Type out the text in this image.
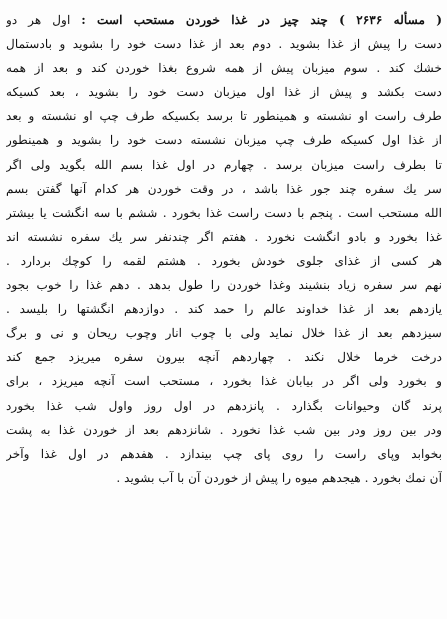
( مسأله ۲۶۳۶ ) چند چیز در غذا خوردن مستحب است : اول هر دو
دست را پیش از غذا بشوید . دوم بعد از غذا دست خود را بشوید و بادستمال
خشك كند . سوم ميزبان پيش از همه شروع بغذا خوردن كند و بعد از همه
دست بكشد و پیش از غذا اول میزبان دست خود را بشوید ، بعد کسیکه
طرف راست او نشسته و همینطور تا برسد بکسیکه طرف چپ او نشسته و بعد
از غذا اول کسیکه طرف چپ میزبان نشسته دست خود را بشوید و همینطور
تا بطرف راست میزبان برسد . چهارم در اول غذا بسم الله بگوید ولی اگر
سر یك سفره چند جور غذا باشد ، در وقت خوردن هر کدام آنها گفتن بسم
الله مستحب است . پنجم با دست راست غذا بخورد . ششم با سه انگشت یا بیشتر
غذا بخورد و بادو انگشت نخورد . هفتم اگر چندنفر سر یك سفره نشسته اند
هر کسی از غذای جلوی خودش بخورد . هشتم لقمه را کوچك بردارد .
نهم سر سفره زیاد بنشیند وغذا خوردن را طول بدهد . دهم غذا را خوب بجود
یازدهم بعد از غذا خداوند عالم را حمد کند . دوازدهم انگشتها را بلیسد .
سیزدهم بعد از غذا خلال نماید ولی با چوب انار وچوب ریحان و نی و برگ
درخت خرما خلال نكند . چهاردهم آنچه بیرون سفره میریزد جمع کند
و بخورد ولی اگر در بیابان غذا بخورد ، مستحب است آنچه میریزد ، برای
پرند گان وحیوانات بگذارد . پانزدهم در اول روز واول شب غذا بخورد
ودر بین روز ودر بین شب غذا نخورد . شانزدهم بعد از خوردن غذا به پشت
بخوابد وپای راست را روی پای چپ بیندازد . هفدهم در اول غذا وآخر
آن نمك بخورد . هیجدهم میوه را پیش از خوردن آن با آب بشوید .
